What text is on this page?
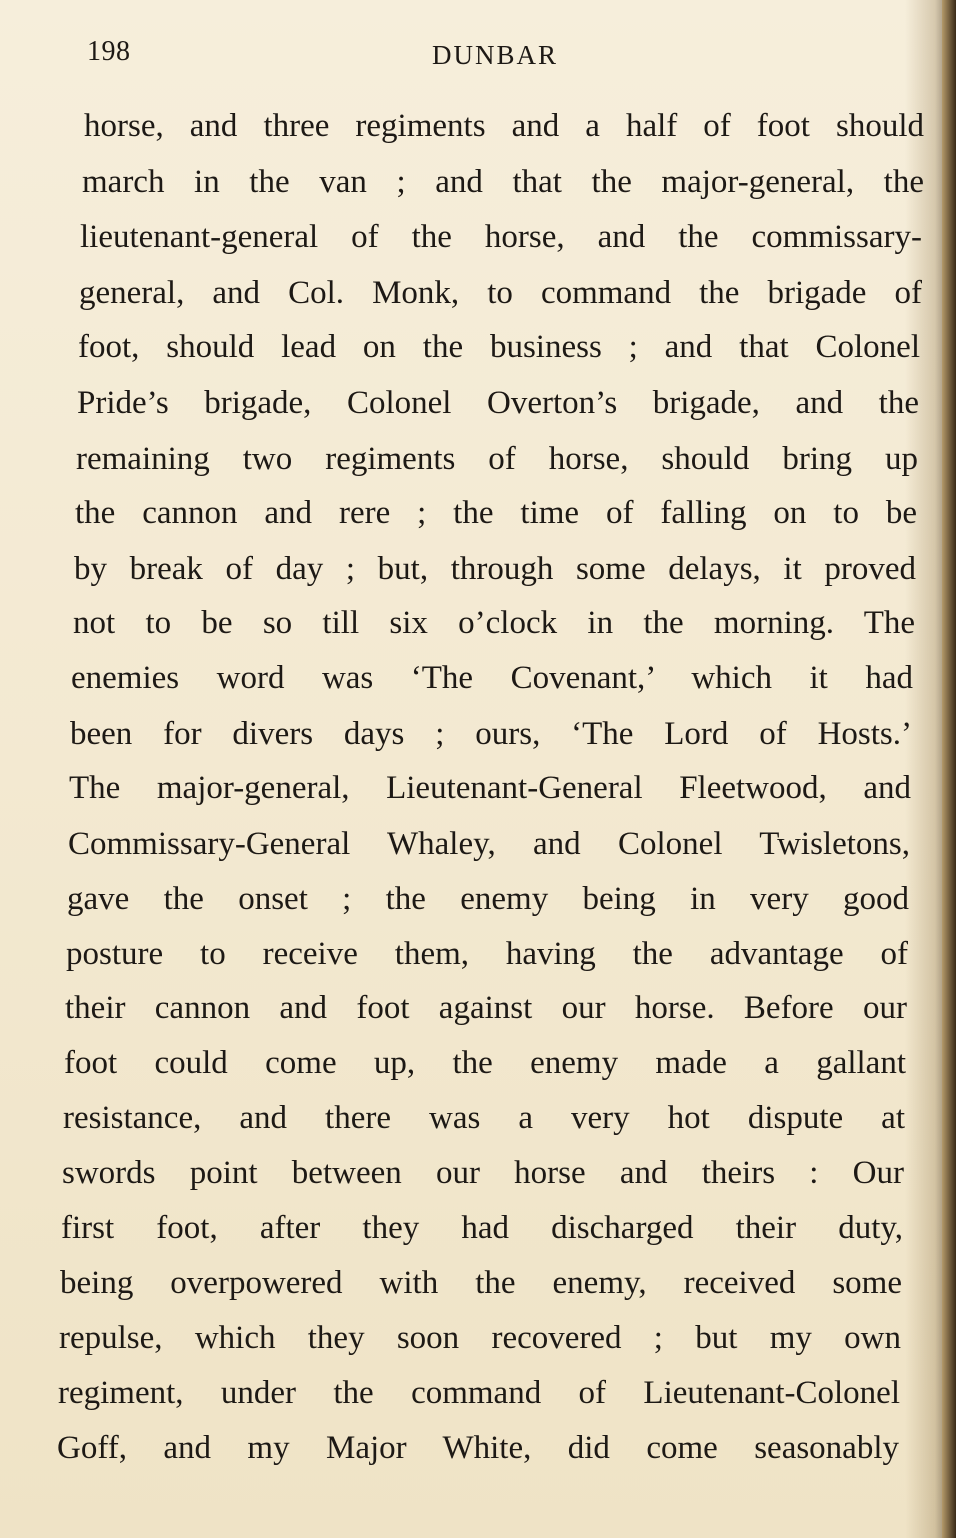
198	DUNBAR
horse, and three regiments and a half of foot should
march in the van ; and that the major-general, the
lieutenant-general of the horse, and the commissary-
general, and Col. Monk, to command the brigade of
foot, should lead on the business ; and that Colonel
Pride’s brigade, Colonel Overton’s brigade, and the
remaining two regiments of horse, should bring up
the cannon and rere ; the time of falling on to be
by break of day ; but, through some delays, it proved
not to be so till six o’clock in the morning. The
enemies word was ‘The Covenant,’ which it had
been for divers days ; ours, ‘The Lord of Hosts.’
The major-general, Lieutenant-General Fleetwood, and
Commissary-General Whaley, and Colonel Twisletons,
gave the onset ; the enemy being in very good
posture to receive them, having the advantage of
their cannon and foot against our horse. Before our
foot could come up, the enemy made a gallant
resistance, and there was a very hot dispute at
swords point between our horse and theirs : Our
first foot, after they had discharged their duty,
being overpowered with the enemy, received some
repulse, which they soon recovered ; but my own
regiment, under the command of Lieutenant-Colonel
Goff, and my Major White, did come seasonably
